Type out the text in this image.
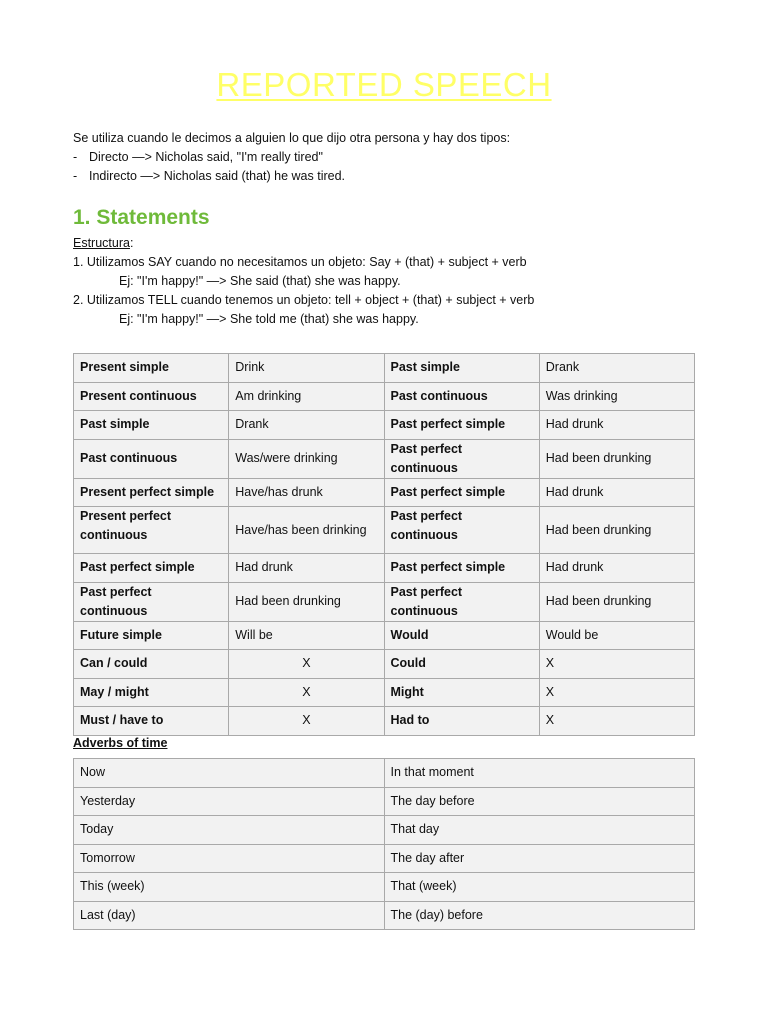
REPORTED SPEECH
Se utiliza cuando le decimos a alguien lo que dijo otra persona y hay dos tipos:
- Directo —> Nicholas said, "I'm really tired"
- Indirecto —> Nicholas said (that) he was tired.
1. Statements
Estructura:
1. Utilizamos SAY cuando no necesitamos un objeto: Say + (that) + subject + verb
Ej: "I'm happy!" —> She said (that) she was happy.
2. Utilizamos TELL cuando tenemos un objeto: tell + object + (that) + subject + verb
Ej: "I'm happy!" —> She told me (that) she was happy.
Present simple	Drink	Past simple	Drank
Present continuous	Am drinking	Past continuous	Was drinking
Past simple	Drank	Past perfect simple	Had drunk
Past continuous	Was/were drinking	Past perfect continuous	Had been drunking
Present perfect simple	Have/has drunk	Past perfect simple	Had drunk
Present perfect continuous	Have/has been drinking	Past perfect continuous	Had been drunking
Past perfect simple	Had drunk	Past perfect simple	Had drunk
Past perfect continuous	Had been drunking	Past perfect continuous	Had been drunking
Future simple	Will be	Would	Would be
Can / could	X	Could	X
May / might	X	Might	X
Must / have to	X	Had to	X
Adverbs of time
Now	In that moment
Yesterday	The day before
Today	That day
Tomorrow	The day after
This (week)	That (week)
Last (day)	The (day) before
